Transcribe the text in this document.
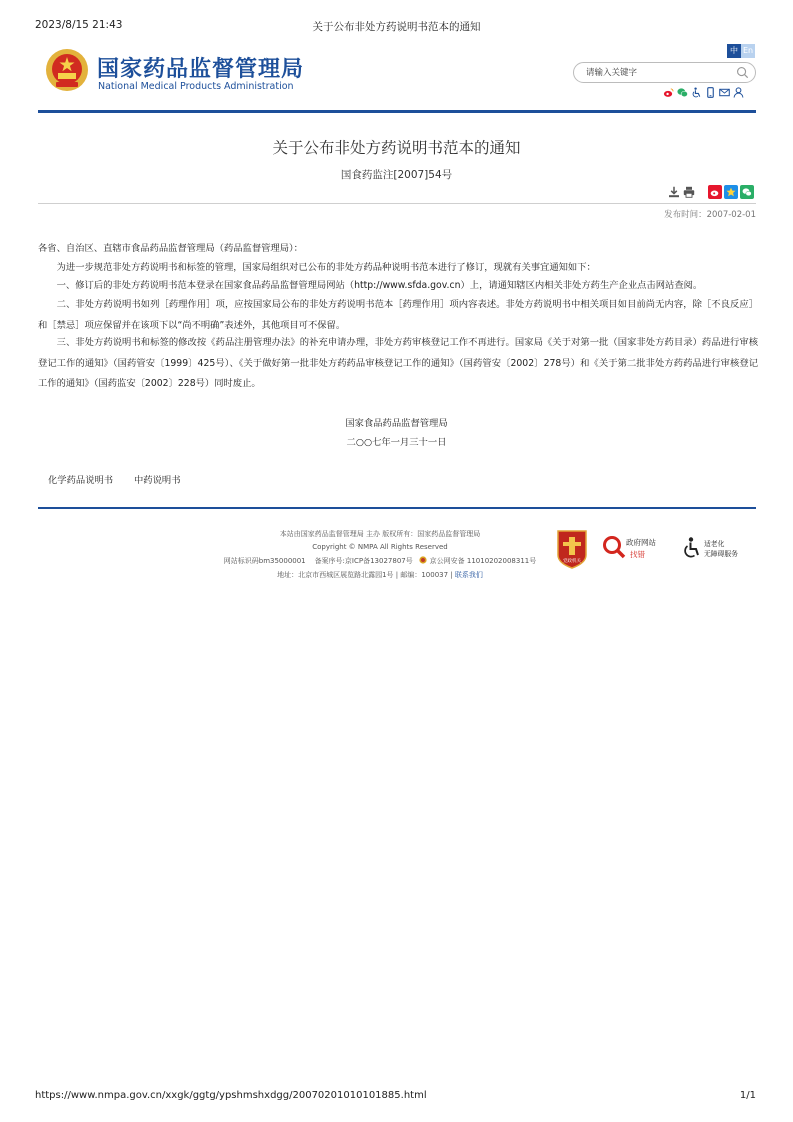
2023/8/15 21:43	关于公布非处方药说明书范本的通知
国家药品监督管理局
National Medical Products Administration
中 En
请输入关键字
关于公布非处方药说明书范本的通知
国食药监注[2007]54号
发布时间：2007-02-01

各省、自治区、直辖市食品药品监督管理局（药品监督管理局）：

为进一步规范非处方药说明书和标签的管理，国家局组织对已公布的非处方药品种说明书范本进行了修订，现就有关事宜通知如下：

一、修订后的非处方药说明书范本登录在国家食品药品监督管理局网站（http://www.sfda.gov.cn）上，请通知辖区内相关非处方药生产企业点击网站查阅。

二、非处方药说明书如列［药理作用］项，应按国家局公布的非处方药说明书范本［药理作用］项内容表述。非处方药说明书中相关项目如目前尚无内容，除［不良反应］和［禁忌］项应保留并在该项下以“尚不明确”表述外，其他项目可不保留。

三、非处方药说明书和标签的修改按《药品注册管理办法》的补充申请办理，非处方药审核登记工作不再进行。国家局《关于对第一批（国家非处方药目录）药品进行审核登记工作的通知》（国药管安〔1999〕425号）、《关于做好第一批非处方药药品审核登记工作的通知》（国药管安〔2002〕278号）和《关于第二批非处方药药品进行审核登记工作的通知》（国药监安〔2002〕228号）同时废止。

国家食品药品监督管理局
二○○七年一月三十一日
化学药品说明书 中药说明书
本站由国家药品监督管理局 主办 版权所有：国家药品监督管理局
Copyright © NMPA All Rights Reserved
网站标识码bm35000001 备案序号:京ICP备13027807号 京公网安备 11010202008311号
地址：北京市西城区展览路北露园1号 | 邮编：100037 | 联系我们
党政机关
政府网站
找错
适老化
无障碍服务
https://www.nmpa.gov.cn/xxgk/ggtg/ypshmshxdgg/20070201010101885.html	1/1
